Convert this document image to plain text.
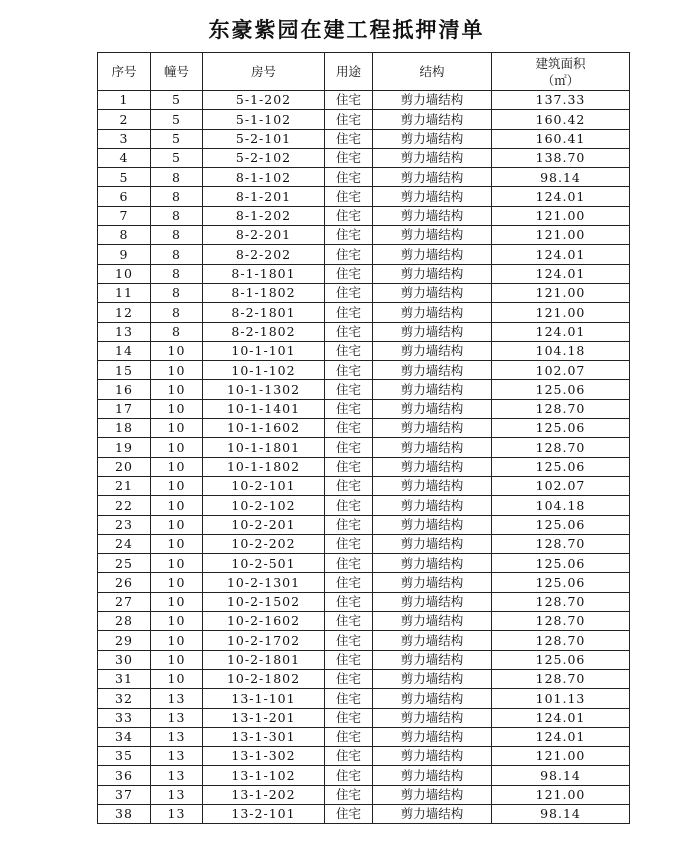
东豪紫园在建工程抵押清单
序号	幢号	房号	用途	结构	建筑面积
（㎡）

1	5	5-1-202	住宅	剪力墙结构	137.33
2	5	5-1-102	住宅	剪力墙结构	160.42
3	5	5-2-101	住宅	剪力墙结构	160.41
4	5	5-2-102	住宅	剪力墙结构	138.70
5	8	8-1-102	住宅	剪力墙结构	98.14
6	8	8-1-201	住宅	剪力墙结构	124.01
7	8	8-1-202	住宅	剪力墙结构	121.00
8	8	8-2-201	住宅	剪力墙结构	121.00
9	8	8-2-202	住宅	剪力墙结构	124.01
10	8	8-1-1801	住宅	剪力墙结构	124.01
11	8	8-1-1802	住宅	剪力墙结构	121.00
12	8	8-2-1801	住宅	剪力墙结构	121.00
13	8	8-2-1802	住宅	剪力墙结构	124.01
14	10	10-1-101	住宅	剪力墙结构	104.18
15	10	10-1-102	住宅	剪力墙结构	102.07
16	10	10-1-1302	住宅	剪力墙结构	125.06
17	10	10-1-1401	住宅	剪力墙结构	128.70
18	10	10-1-1602	住宅	剪力墙结构	125.06
19	10	10-1-1801	住宅	剪力墙结构	128.70
20	10	10-1-1802	住宅	剪力墙结构	125.06
21	10	10-2-101	住宅	剪力墙结构	102.07
22	10	10-2-102	住宅	剪力墙结构	104.18
23	10	10-2-201	住宅	剪力墙结构	125.06
24	10	10-2-202	住宅	剪力墙结构	128.70
25	10	10-2-501	住宅	剪力墙结构	125.06
26	10	10-2-1301	住宅	剪力墙结构	125.06
27	10	10-2-1502	住宅	剪力墙结构	128.70
28	10	10-2-1602	住宅	剪力墙结构	128.70
29	10	10-2-1702	住宅	剪力墙结构	128.70
30	10	10-2-1801	住宅	剪力墙结构	125.06
31	10	10-2-1802	住宅	剪力墙结构	128.70
32	13	13-1-101	住宅	剪力墙结构	101.13
33	13	13-1-201	住宅	剪力墙结构	124.01
34	13	13-1-301	住宅	剪力墙结构	124.01
35	13	13-1-302	住宅	剪力墙结构	121.00
36	13	13-1-102	住宅	剪力墙结构	98.14
37	13	13-1-202	住宅	剪力墙结构	121.00
38	13	13-2-101	住宅	剪力墙结构	98.14
